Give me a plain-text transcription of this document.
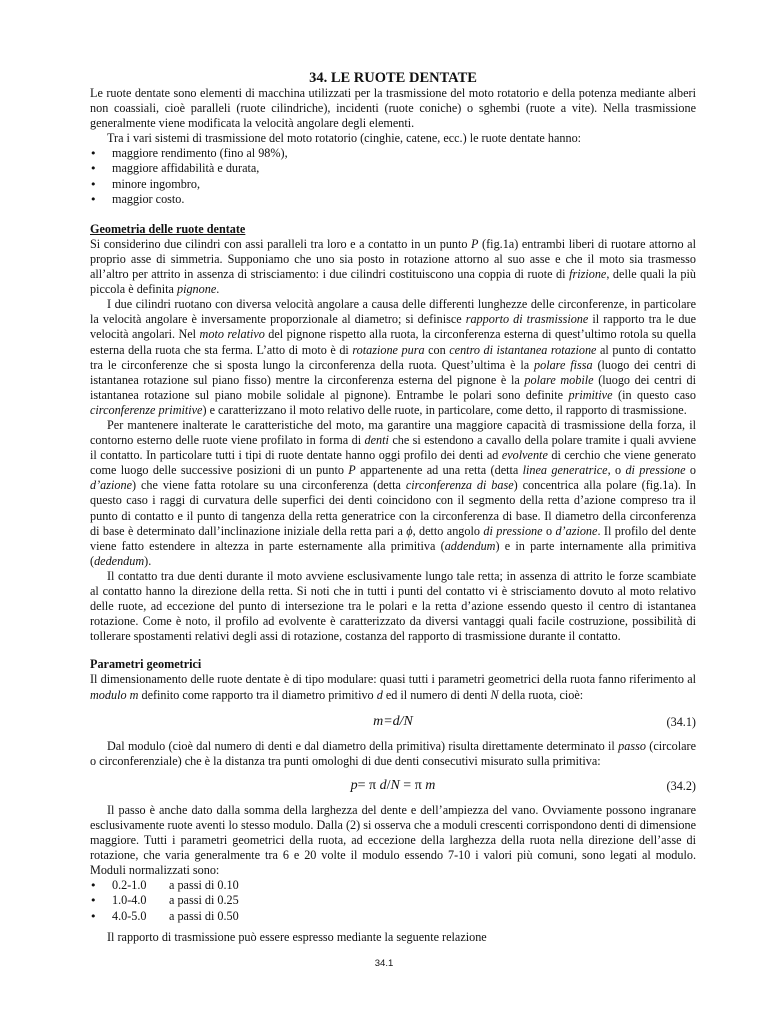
34. LE RUOTE DENTATE

Le ruote dentate sono elementi di macchina utilizzati per la trasmissione del moto rotatorio e della potenza mediante alberi non coassiali, cioè paralleli (ruote cilindriche), incidenti (ruote coniche) o sghembi (ruote a vite). Nella trasmissione generalmente viene modificata la velocità angolare degli elementi.

Tra i vari sistemi di trasmissione del moto rotatorio (cinghie, catene, ecc.) le ruote dentate hanno:

• maggiore rendimento (fino al 98%),
• maggiore affidabilità e durata,
• minore ingombro,
• maggior costo.
Geometria delle ruote dentate

Si considerino due cilindri con assi paralleli tra loro e a contatto in un punto P (fig.1a) entrambi liberi di ruotare attorno al proprio asse di simmetria. Supponiamo che uno sia posto in rotazione attorno al suo asse e che il moto sia trasmesso all’altro per attrito in assenza di strisciamento: i due cilindri costituiscono una coppia di ruote di frizione, delle quali la più piccola è definita pignone.

I due cilindri ruotano con diversa velocità angolare a causa delle differenti lunghezze delle circonferenze, in particolare la velocità angolare è inversamente proporzionale al diametro; si definisce rapporto di trasmissione il rapporto tra le due velocità angolari. Nel moto relativo del pignone rispetto alla ruota, la circonferenza esterna di quest’ultimo rotola su quella esterna della ruota che sta ferma. L’atto di moto è di rotazione pura con centro di istantanea rotazione al punto di contatto tra le circonferenze che si sposta lungo la circonferenza della ruota. Quest’ultima è la polare fissa (luogo dei centri di istantanea rotazione sul piano fisso) mentre la circonferenza esterna del pignone è la polare mobile (luogo dei centri di istantanea rotazione sul piano mobile solidale al pignone). Entrambe le polari sono definite primitive (in questo caso circonferenze primitive) e caratterizzano il moto relativo delle ruote, in particolare, come detto, il rapporto di trasmissione.

Per mantenere inalterate le caratteristiche del moto, ma garantire una maggiore capacità di trasmissione della forza, il contorno esterno delle ruote viene profilato in forma di denti che si estendono a cavallo della polare tramite i quali avviene il contatto. In particolare tutti i tipi di ruote dentate hanno oggi profilo dei denti ad evolvente di cerchio che viene generato come luogo delle successive posizioni di un punto P appartenente ad una retta (detta linea generatrice, o di pressione o d’azione) che viene fatta rotolare su una circonferenza (detta circonferenza di base) concentrica alla polare (fig.1a). In questo caso i raggi di curvatura delle superfici dei denti coincidono con il segmento della retta d’azione compreso tra il punto di contatto e il punto di tangenza della retta generatrice con la circonferenza di base. Il diametro della circonferenza di base è determinato dall’inclinazione iniziale della retta pari a ϕ, detto angolo di pressione o d’azione. Il profilo del dente viene fatto estendere in altezza in parte esternamente alla primitiva (addendum) e in parte internamente alla primitiva (dedendum).

Il contatto tra due denti durante il moto avviene esclusivamente lungo tale retta; in assenza di attrito le forze scambiate al contatto hanno la direzione della retta. Si noti che in tutti i punti del contatto vi è strisciamento dovuto al moto relativo delle ruote, ad eccezione del punto di intersezione tra le polari e la retta d’azione essendo questo il centro di istantanea rotazione. Come è noto, il profilo ad evolvente è caratterizzato da diversi vantaggi quali facile costruzione, possibilità di tollerare spostamenti relativi degli assi di rotazione, costanza del rapporto di trasmissione durante il contatto.

Parametri geometrici

Il dimensionamento delle ruote dentate è di tipo modulare: quasi tutti i parametri geometrici della ruota fanno riferimento al modulo m definito come rapporto tra il diametro primitivo d ed il numero di denti N della ruota, cioè:

m=d/N	(34.1)

Dal modulo (cioè dal numero di denti e dal diametro della primitiva) risulta direttamente determinato il passo (circolare o circonferenziale) che è la distanza tra punti omologhi di due denti consecutivi misurato sulla primitiva:

p= π d/N = π m	(34.2)

Il passo è anche dato dalla somma della larghezza del dente e dell’ampiezza del vano. Ovviamente possono ingranare esclusivamente ruote aventi lo stesso modulo. Dalla (2) si osserva che a moduli crescenti corrispondono denti di dimensione maggiore. Tutti i parametri geometrici della ruota, ad eccezione della larghezza della ruota nella direzione dell’asse di rotazione, che varia generalmente tra 6 e 20 volte il modulo essendo 7-10 i valori più comuni, sono legati al modulo. Moduli normalizzati sono:

• 0.2-1.0 a passi di 0.10
• 1.0-4.0 a passi di 0.25
• 4.0-5.0 a passi di 0.50

Il rapporto di trasmissione può essere espresso mediante la seguente relazione

34.1
